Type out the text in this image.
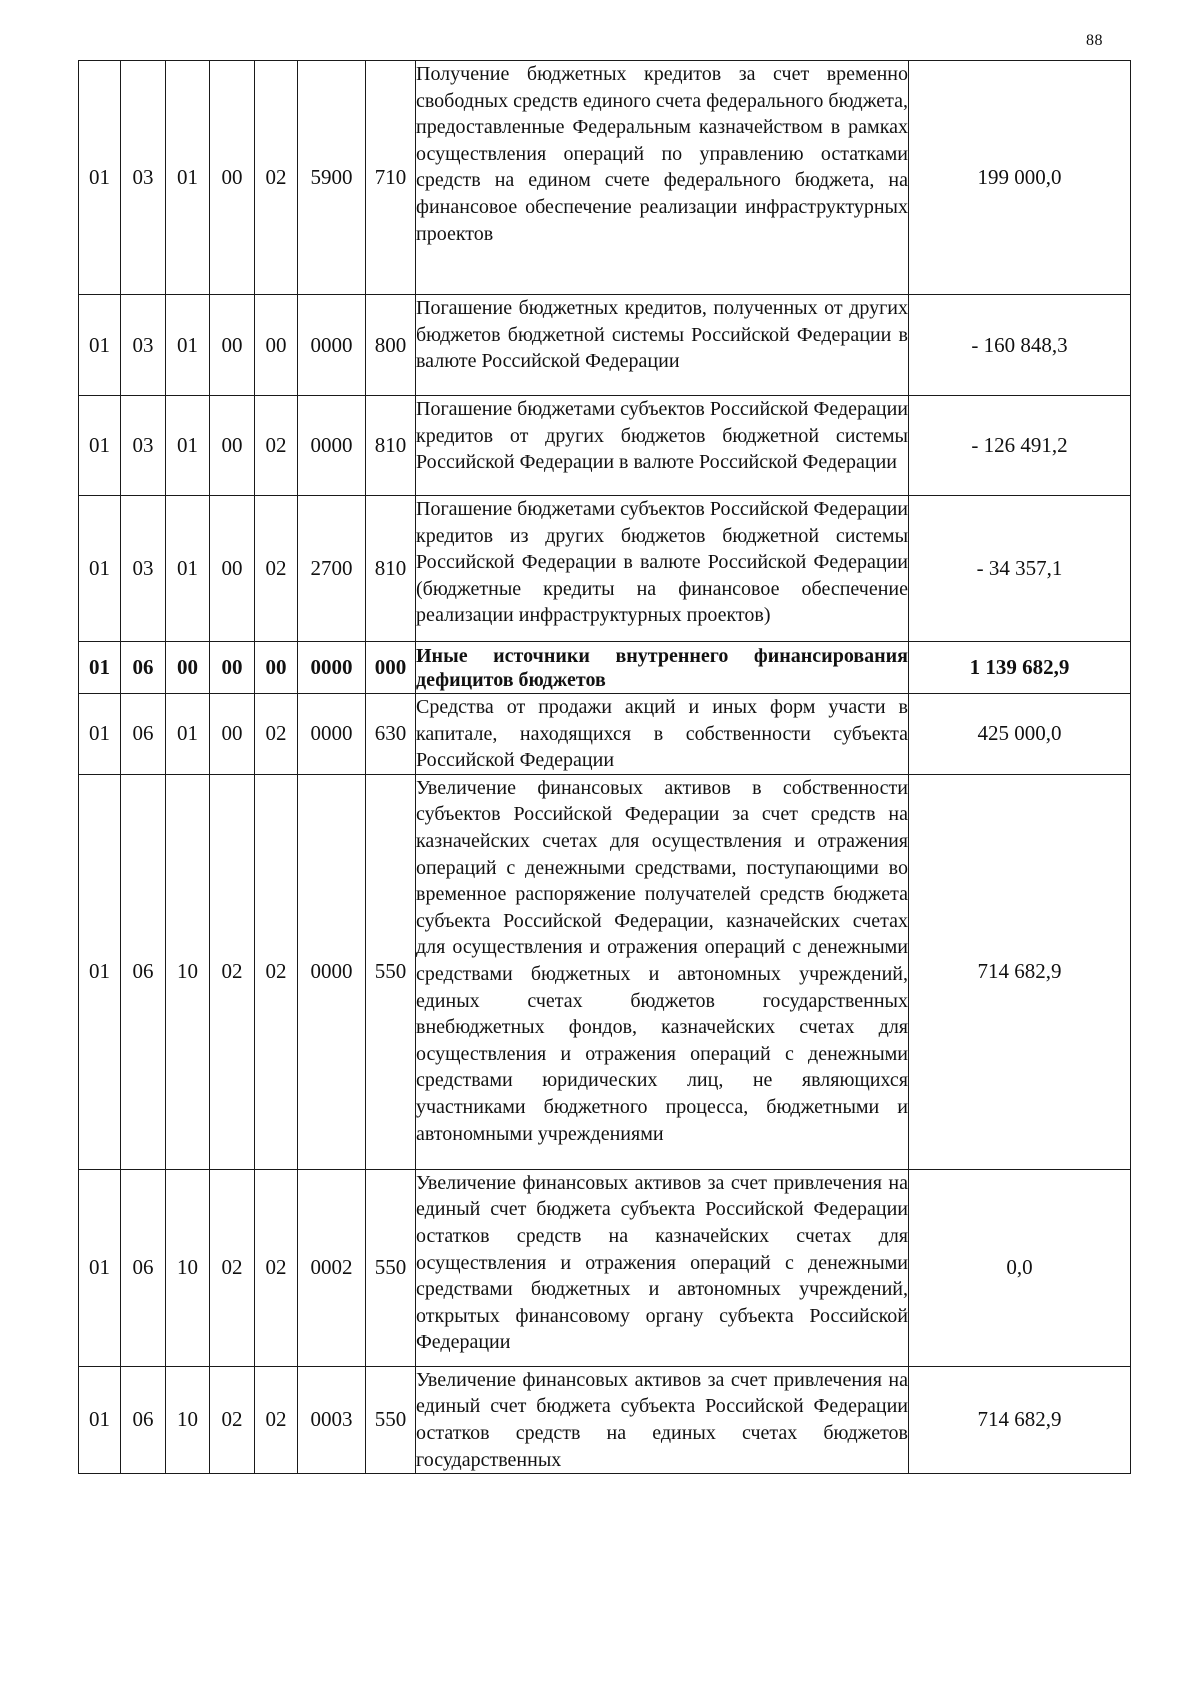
88
01	03	01	00	02	5900	710	Получение бюджетных кредитов за счет временно свободных средств единого счета федерального бюджета, предоставленные Федеральным казначейством в рамках осуществления операций по управлению остатками средств на едином счете федерального бюджета, на финансовое обеспечение реализации инфраструктурных проектов	199 000,0
01	03	01	00	00	0000	800	Погашение бюджетных кредитов, полученных от других бюджетов бюджетной системы Российской Федерации в валюте Российской Федерации	- 160 848,3
01	03	01	00	02	0000	810	Погашение бюджетами субъектов Российской Федерации кредитов от других бюджетов бюджетной системы Российской Федерации в валюте Российской Федерации	- 126 491,2
01	03	01	00	02	2700	810	Погашение бюджетами субъектов Российской Федерации кредитов из других бюджетов бюджетной системы Российской Федерации в валюте Российской Федерации (бюджетные кредиты на финансовое обеспечение реализации инфраструктурных проектов)	- 34 357,1
01	06	00	00	00	0000	000	Иные источники внутреннего финансирования дефицитов бюджетов	1 139 682,9
01	06	01	00	02	0000	630	Средства от продажи акций и иных форм участи в капитале, находящихся в собственности субъекта Российской Федерации	425 000,0
01	06	10	02	02	0000	550	Увеличение финансовых активов в собственности субъектов Российской Федерации за счет средств на казначейских счетах для осуществления и отражения операций с денежными средствами, поступающими во временное распоряжение получателей средств бюджета субъекта Российской Федерации, казначейских счетах для осуществления и отражения операций с денежными средствами бюджетных и автономных учреждений, единых счетах бюджетов государственных внебюджетных фондов, казначейских счетах для осуществления и отражения операций с денежными средствами юридических лиц, не являющихся участниками бюджетного процесса, бюджетными и автономными учреждениями	714 682,9
01	06	10	02	02	0002	550	Увеличение финансовых активов за счет привлечения на единый счет бюджета субъекта Российской Федерации остатков средств на казначейских счетах для осуществления и отражения операций с денежными средствами бюджетных и автономных учреждений, открытых финансовому органу субъекта Российской Федерации	0,0
01	06	10	02	02	0003	550	Увеличение финансовых активов за счет привлечения на единый счет бюджета субъекта Российской Федерации остатков средств на единых счетах бюджетов государственных	714 682,9
